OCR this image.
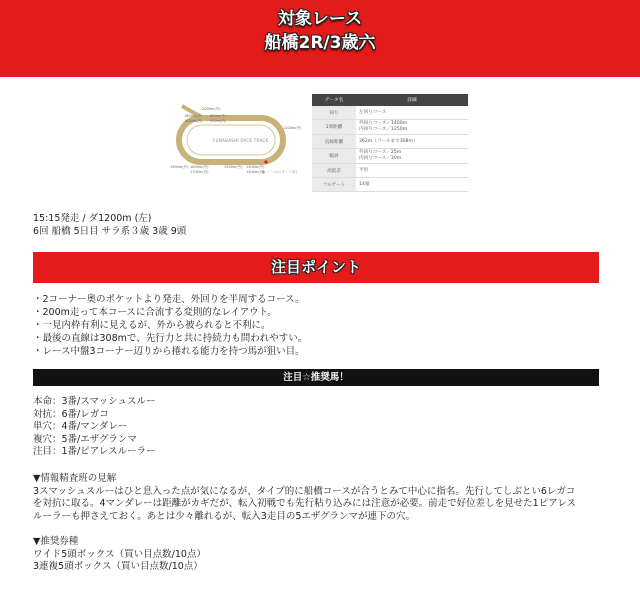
対象レース
船橋2R/3歳六
FUNABASHI RACE TRACK
2000m(外)
1600m(外)
1600m(内)
600m(外)
500m(内)
1200m(外)
1900m(外) 1800m(外)
1700m(内)
1500m(外) 1400m(外)
1400m(内)
● ゴール(スタンド前)
データ名	詳細
回り	左回りコース

1周距離	外回りコース／1400m
内回りコース／1250m

直線距離	362m（ゴールまで308m）

幅員	外回りコース／25m
内回りコース／30m

高低差	平坦

フルゲート	14頭
15:15発走 / ダ1200m (左)
6回 船橋 5日目 サラ系３歳 3歳 9頭
注目ポイント
・2コーナー奥のポケットより発走、外回りを半周するコース。
・200m走って本コースに合流する変則的なレイアウト。
・一見内枠有利に見えるが、外から被られると不利に。
・最後の直線は308mで、先行力と共に持続力も問われやすい。
・レース中盤3コーナー辺りから捲れる能力を持つ馬が狙い目。
注目☆推奨馬！
本命：3番/スマッシュスルー
対抗：6番/レガコ
単穴：4番/マンダレー
複穴：5番/エザグランマ
注目：1番/ピアレスルーラー
▼情報精査班の見解
3スマッシュスルーはひと息入った点が気になるが、タイプ的に船橋コースが合うとみて中心に指名。先行してしぶとい6レガコ
を対抗に取る。4マンダレーは距離がカギだが、転入初戦でも先行粘り込みには注意が必要。前走で好位差しを見せた1ピアレス
ルーラーも押さえておく。あとは少々離れるが、転入3走目の5エザグランマが連下の穴。
▼推奨券種
ワイド5頭ボックス（買い目点数/10点）
3連複5頭ボックス（買い目点数/10点）
